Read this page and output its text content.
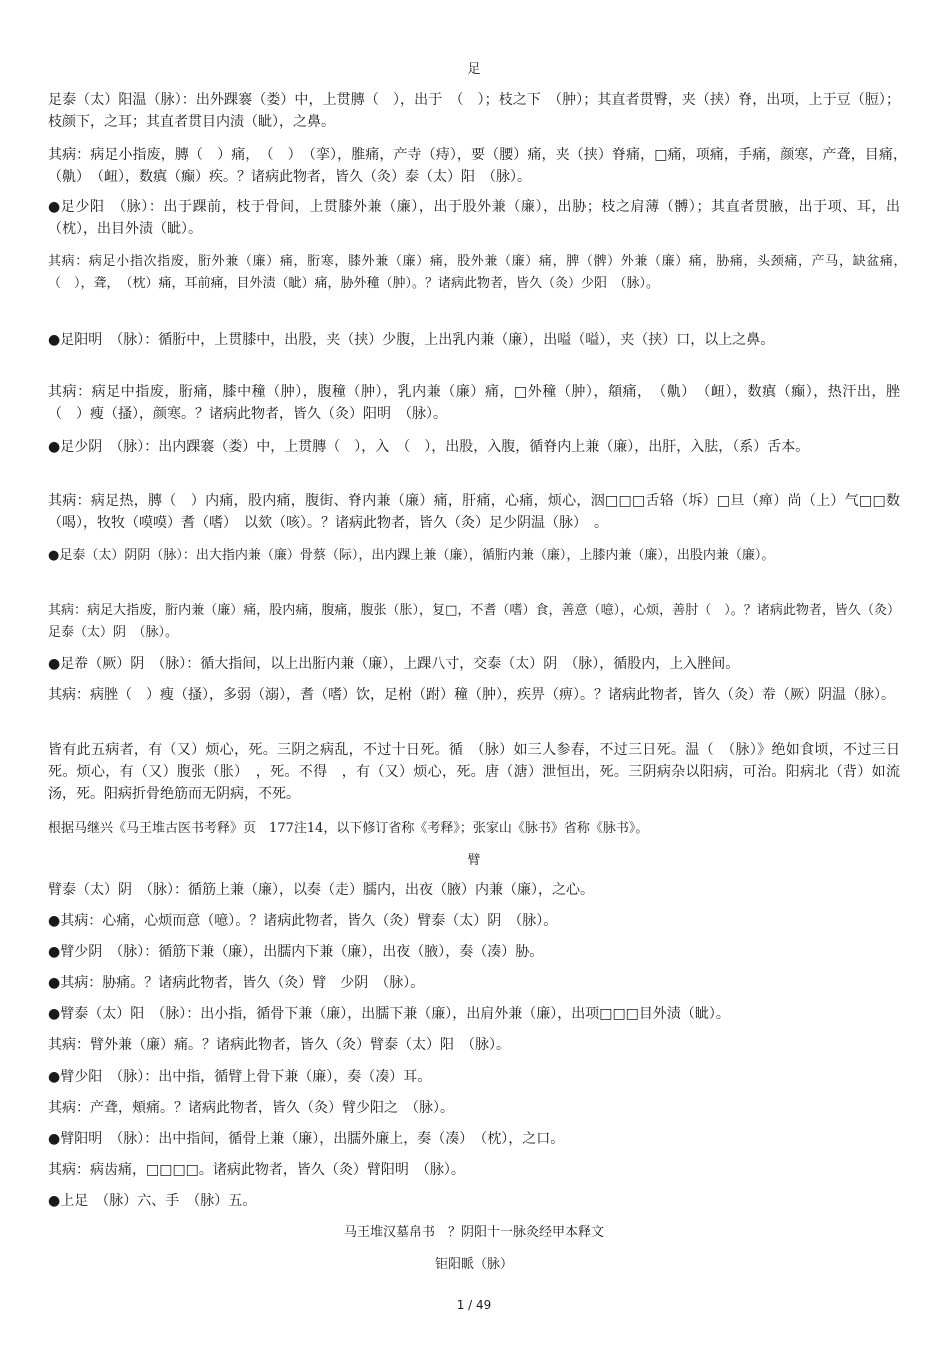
足
足泰（太）阳温（脉）：出外踝褰（娄）中，上贯膞（　），出于　（　）；枝之下　（肿）；其直者贯臀，夹（挟）脊，出项，上于豆（脰）；枝颜下，之耳；其直者贯目内渍（眦），之鼻。
其病：病足小指废，膞（　）痛，　（　）　（挛），脽痛，产寺（痔），要（腰）痛，夹（挟）脊痛，□痛，项痛，手痛，颜寒，产聋，目痛，　（鼽）　（衄），数瘨（癫）疾。？诸病此物者，皆久（灸）泰（太）阳　（脉）。
●足少阳　（脉）：出于踝前，枝于骨间，上贯膝外兼（廉），出于股外兼（廉），出胁；枝之肩薄（髆）；其直者贯腋，出于项、耳，出　（枕），出目外渍（眦）。
其病：病足小指次指废，胻外兼（廉）痛，胻寒，膝外兼（廉）痛，股外兼（廉）痛，脾（髀）外兼（廉）痛，胁痛，头颈痛，产马，缺盆痛，　（　），聋，　（枕）痛，耳前痛，目外渍（眦）痛，胁外穜（肿）。？诸病此物者，皆久（灸）少阳　（脉）。
●足阳明　（脉）：循胻中，上贯膝中，出股，夹（挟）少腹，上出乳内兼（廉），出嗌（嗌），夹（挟）口，以上之鼻。
其病：病足中指废，胻痛，膝中穜（肿），腹穜（肿），乳内兼（廉）痛，□外穜（肿），頯痛，　（鼽）　（衄），数瘨（癫），热汗出，脞（　）瘦（搔），颜寒。？诸病此物者，皆久（灸）阳明　（脉）。
●足少阴　（脉）：出内踝褰（娄）中，上贯膞（　），入　（　），出股，入腹，循脊内上兼（廉），出肝，入胠，（系）舌本。
其病：病足热，膞（　）内痛，股内痛，腹街、脊内兼（廉）痛，肝痛，心痛，烦心，洇□□□舌辂（坼）□旦（瘅）尚（上）气□□数　（喝），牧牧（嗼嗼）耆（嗜）　以欬（咳）。？诸病此物者，皆久（灸）足少阴温（脉）　。
●足泰（太）阴阴（脉）：出大指内兼（廉）骨蔡（际），出内踝上兼（廉），循胻内兼（廉），上膝内兼（廉），出股内兼（廉）。
其病：病足大指废，胻内兼（廉）痛，股内痛，腹痛，腹张（胀），复□，不耆（嗜）食，善意（噫），心烦，善肘（　）。？诸病此物者，皆久（灸）足泰（太）阴　（脉）。
●足帣（厥）阴　（脉）：循大指间，以上出胻内兼（廉），上踝八寸，交泰（太）阴　（脉），循股内，上入脞间。
其病：病脞（　）瘦（搔），多弱（溺），耆（嗜）饮，足柎（跗）穜（肿），疾畀（痹）。？诸病此物者，皆久（灸）帣（厥）阴温（脉）。
皆有此五病者，有（又）烦心，死。三阴之病乱，不过十日死。循　（脉）如三人参春，不过三日死。温（　（脉）》绝如食顷，不过三日死。烦心，有（又）腹张（胀）　，死。不得　，有（又）烦心，死。唐（溏）泄恒出，死。三阴病杂以阳病，可治。阳病北（背）如流汤，死。阳病折骨绝筋而无阴病，不死。
根据马继兴《马王堆古医书考释》页　177注14，以下修订省称《考释》；张家山《脉书》省称《脉书》。
臂
臂泰（太）阴　（脉）：循筋上兼（廉），以奏（走）臑内，出夜（腋）内兼（廉），之心。
●其病：心痛，心烦而意（噫）。？诸病此物者，皆久（灸）臂泰（太）阴　（脉）。
●臂少阴　（脉）：循筋下兼（廉），出臑内下兼（廉），出夜（腋），奏（凑）胁。
●其病：胁痛。？诸病此物者，皆久（灸）臂　少阴　（脉）。
●臂泰（太）阳　（脉）：出小指，循骨下兼（廉），出臑下兼（廉），出肩外兼（廉），出项□□□目外渍（眦）。
其病：臂外兼（廉）痛。？诸病此物者，皆久（灸）臂泰（太）阳　（脉）。
●臂少阳　（脉）：出中指，循臂上骨下兼（廉），奏（凑）耳。
其病：产聋，頰痛。？诸病此物者，皆久（灸）臂少阳之　（脉）。
●臂阳明　（脉）：出中指间，循骨上兼（廉），出臑外廉上，奏（凑）　（枕），之口。
其病：病齿痛，□□□□。诸病此物者，皆久（灸）臂阳明　（脉）。
●上足　（脉）六、手　（脉）五。
马王堆汉墓帛书　？阴阳十一脉灸经甲本释文
钜阳眽（脉）
1 / 49
